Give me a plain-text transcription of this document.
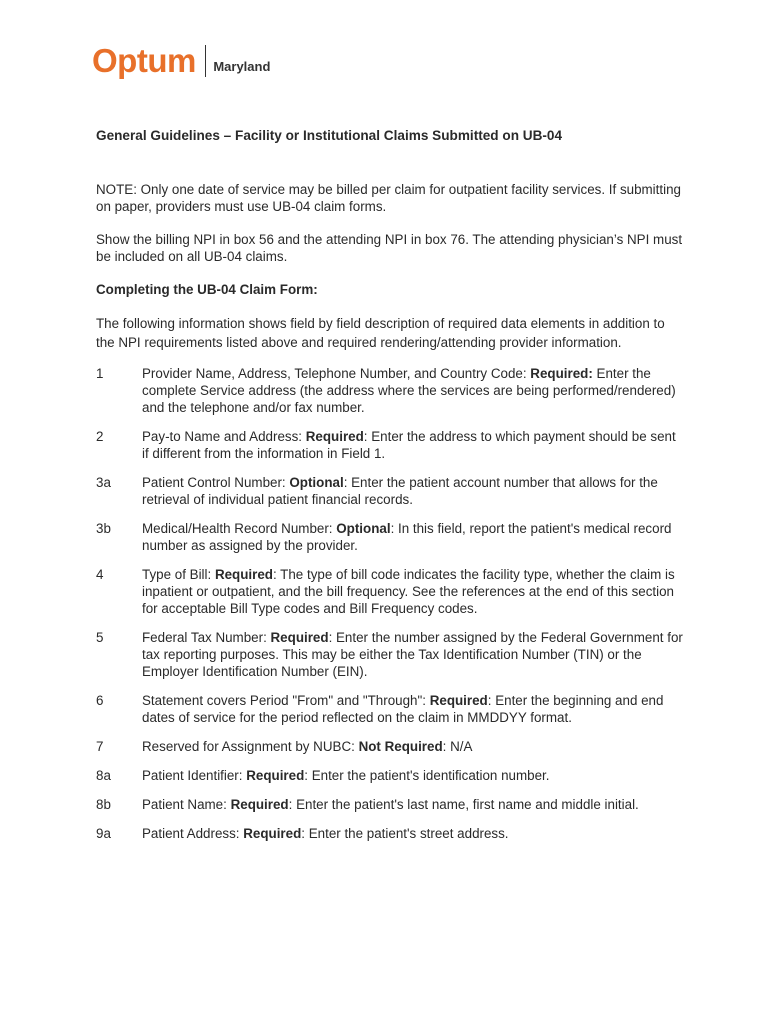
Optum Maryland

General Guidelines – Facility or Institutional Claims Submitted on UB-04

NOTE: Only one date of service may be billed per claim for outpatient facility services. If submitting on paper, providers must use UB-04 claim forms.

Show the billing NPI in box 56 and the attending NPI in box 76. The attending physician’s NPI must be included on all UB-04 claims.

Completing the UB-04 Claim Form:

The following information shows field by field description of required data elements in addition to the NPI requirements listed above and required rendering/attending provider information.

1	Provider Name, Address, Telephone Number, and Country Code: Required: Enter the complete Service address (the address where the services are being performed/rendered) and the telephone and/or fax number.
2	Pay-to Name and Address: Required: Enter the address to which payment should be sent if different from the information in Field 1.
3a	Patient Control Number: Optional: Enter the patient account number that allows for the retrieval of individual patient financial records.
3b	Medical/Health Record Number: Optional: In this field, report the patient's medical record number as assigned by the provider.
4	Type of Bill: Required: The type of bill code indicates the facility type, whether the claim is inpatient or outpatient, and the bill frequency. See the references at the end of this section for acceptable Bill Type codes and Bill Frequency codes.
5	Federal Tax Number: Required: Enter the number assigned by the Federal Government for tax reporting purposes. This may be either the Tax Identification Number (TIN) or the Employer Identification Number (EIN).
6	Statement covers Period "From" and "Through": Required: Enter the beginning and end dates of service for the period reflected on the claim in MMDDYY format.
7	Reserved for Assignment by NUBC: Not Required: N/A
8a	Patient Identifier: Required: Enter the patient's identification number.
8b	Patient Name: Required: Enter the patient's last name, first name and middle initial.
9a	Patient Address: Required: Enter the patient's street address.
